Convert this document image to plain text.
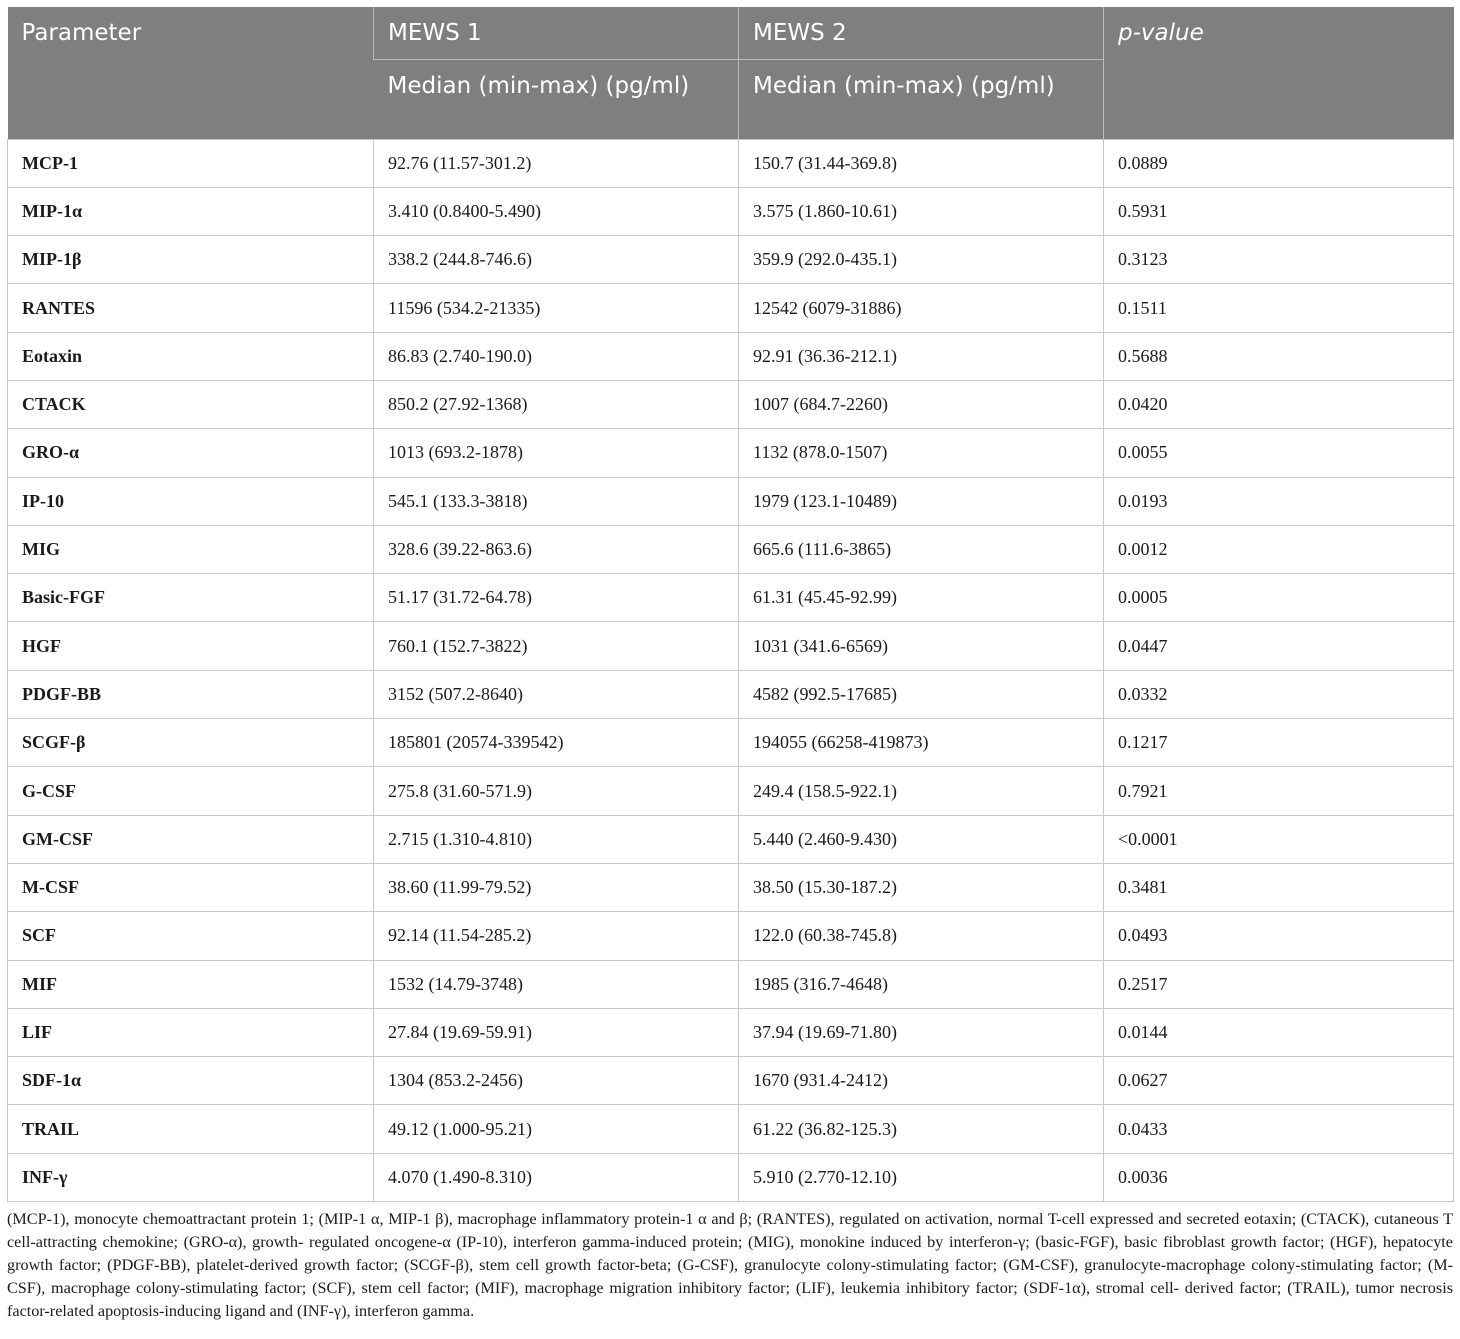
Parameter	MEWS 1	MEWS 2	p-value
	Median (min-max) (pg/ml)	Median (min-max) (pg/ml)	
MCP-1	92.76 (11.57-301.2)	150.7 (31.44-369.8)	0.0889
MIP-1α	3.410 (0.8400-5.490)	3.575 (1.860-10.61)	0.5931
MIP-1β	338.2 (244.8-746.6)	359.9 (292.0-435.1)	0.3123
RANTES	11596 (534.2-21335)	12542 (6079-31886)	0.1511
Eotaxin	86.83 (2.740-190.0)	92.91 (36.36-212.1)	0.5688
CTACK	850.2 (27.92-1368)	1007 (684.7-2260)	0.0420
GRO-α	1013 (693.2-1878)	1132 (878.0-1507)	0.0055
IP-10	545.1 (133.3-3818)	1979 (123.1-10489)	0.0193
MIG	328.6 (39.22-863.6)	665.6 (111.6-3865)	0.0012
Basic-FGF	51.17 (31.72-64.78)	61.31 (45.45-92.99)	0.0005
HGF	760.1 (152.7-3822)	1031 (341.6-6569)	0.0447
PDGF-BB	3152 (507.2-8640)	4582 (992.5-17685)	0.0332
SCGF-β	185801 (20574-339542)	194055 (66258-419873)	0.1217
G-CSF	275.8 (31.60-571.9)	249.4 (158.5-922.1)	0.7921
GM-CSF	2.715 (1.310-4.810)	5.440 (2.460-9.430)	<0.0001
M-CSF	38.60 (11.99-79.52)	38.50 (15.30-187.2)	0.3481
SCF	92.14 (11.54-285.2)	122.0 (60.38-745.8)	0.0493
MIF	1532 (14.79-3748)	1985 (316.7-4648)	0.2517
LIF	27.84 (19.69-59.91)	37.94 (19.69-71.80)	0.0144
SDF-1α	1304 (853.2-2456)	1670 (931.4-2412)	0.0627
TRAIL	49.12 (1.000-95.21)	61.22 (36.82-125.3)	0.0433
INF-γ	4.070 (1.490-8.310)	5.910 (2.770-12.10)	0.0036
(MCP-1), monocyte chemoattractant protein 1; (MIP-1 α, MIP-1 β), macrophage inflammatory protein-1 α and β; (RANTES), regulated on activation, normal T-cell expressed and secreted eotaxin; (CTACK), cutaneous T cell-attracting chemokine; (GRO-α), growth- regulated oncogene-α (IP-10), interferon gamma-induced protein; (MIG), monokine induced by interferon-γ; (basic-FGF), basic fibroblast growth factor; (HGF), hepatocyte growth factor; (PDGF-BB), platelet-derived growth factor; (SCGF-β), stem cell growth factor-beta; (G-CSF), granulocyte colony-stimulating factor; (GM-CSF), granulocyte-macrophage colony-stimulating factor; (M-CSF), macrophage colony-stimulating factor; (SCF), stem cell factor; (MIF), macrophage migration inhibitory factor; (LIF), leukemia inhibitory factor; (SDF-1α), stromal cell- derived factor; (TRAIL), tumor necrosis factor-related apoptosis-inducing ligand and (INF-γ), interferon gamma.
